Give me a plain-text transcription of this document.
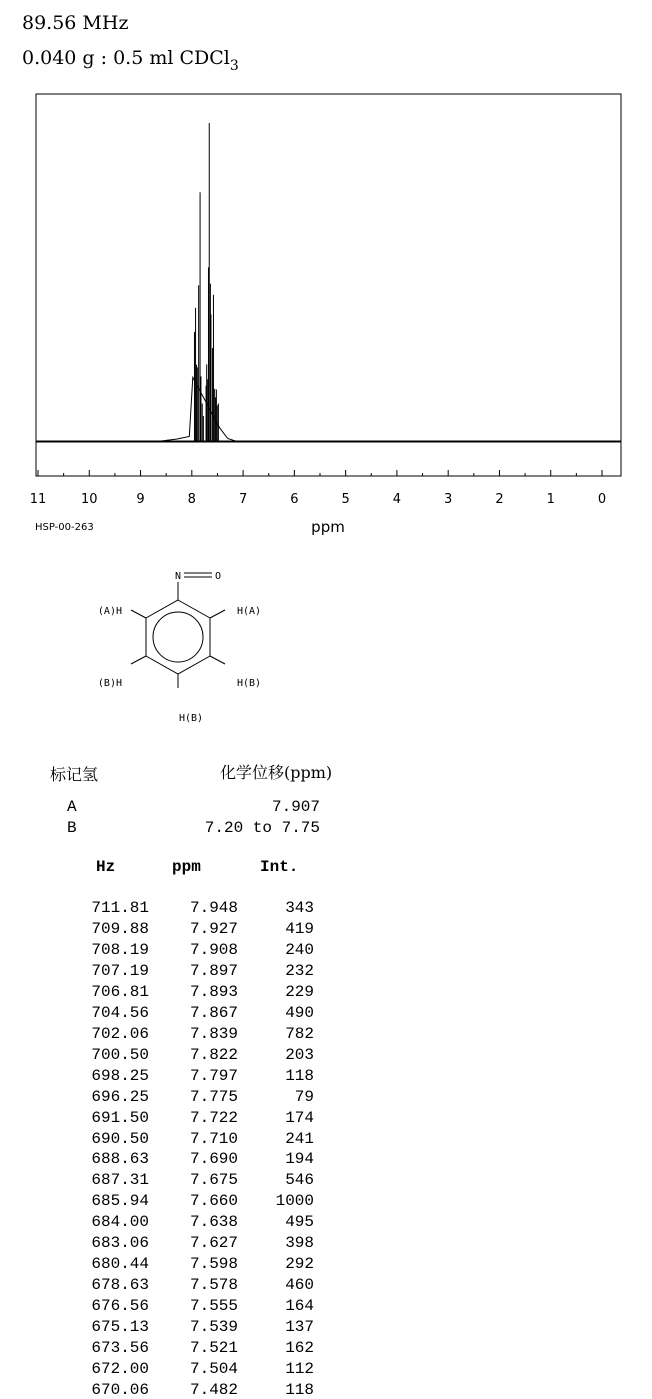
89.56 MHz
0.040 g : 0.5 ml CDCl$_3$
11	10	9	8	7	6	5	4	3	2	1	0
ppm
HSP-00-263
N	O
(A)H	H(A)
(B)H	H(B)
H(B)
标记氢	化学位移(ppm)
A	7.907
B	7.20 to 7.75
Hz	ppm	Int.
711.81	7.948	343
709.88	7.927	419
708.19	7.908	240
707.19	7.897	232
706.81	7.893	229
704.56	7.867	490
702.06	7.839	782
700.50	7.822	203
698.25	7.797	118
696.25	7.775	79
691.50	7.722	174
690.50	7.710	241
688.63	7.690	194
687.31	7.675	546
685.94	7.660 1000
684.00	7.638	495
683.06	7.627	398
680.44	7.598	292
678.63	7.578	460
676.56	7.555	164
675.13	7.539	137
673.56	7.521	162
672.00	7.504	112
670.06	7.482	118
